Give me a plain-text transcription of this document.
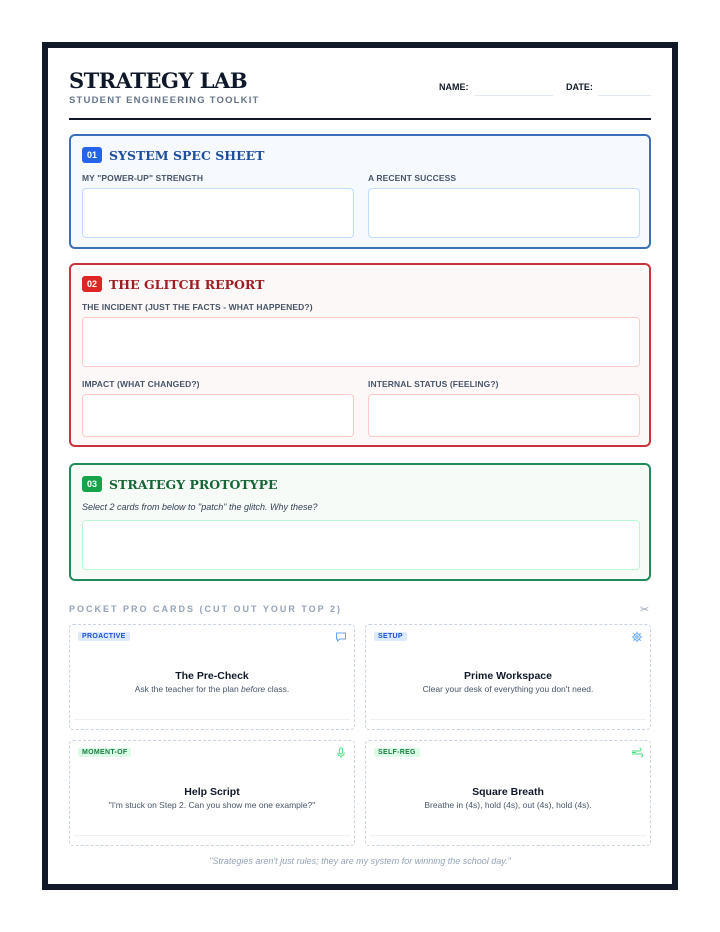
STRATEGY LAB
STUDENT ENGINEERING TOOLKIT
NAME:	DATE:
01 SYSTEM SPEC SHEET
MY "POWER-UP" STRENGTH	A RECENT SUCCESS
02 THE GLITCH REPORT
THE INCIDENT (JUST THE FACTS - WHAT HAPPENED?)
IMPACT (WHAT CHANGED?)	INTERNAL STATUS (FEELING?)
03 STRATEGY PROTOTYPE
Select 2 cards from below to "patch" the glitch. Why these?
POCKET PRO CARDS (CUT OUT YOUR TOP 2)	✂
PROACTIVE
The Pre-Check
Ask the teacher for the plan before class.
SETUP
Prime Workspace
Clear your desk of everything you don't need.
MOMENT-OF
Help Script
"I'm stuck on Step 2. Can you show me one example?"
SELF-REG
Square Breath
Breathe in (4s), hold (4s), out (4s), hold (4s).
"Strategies aren't just rules; they are my system for winning the school day."
